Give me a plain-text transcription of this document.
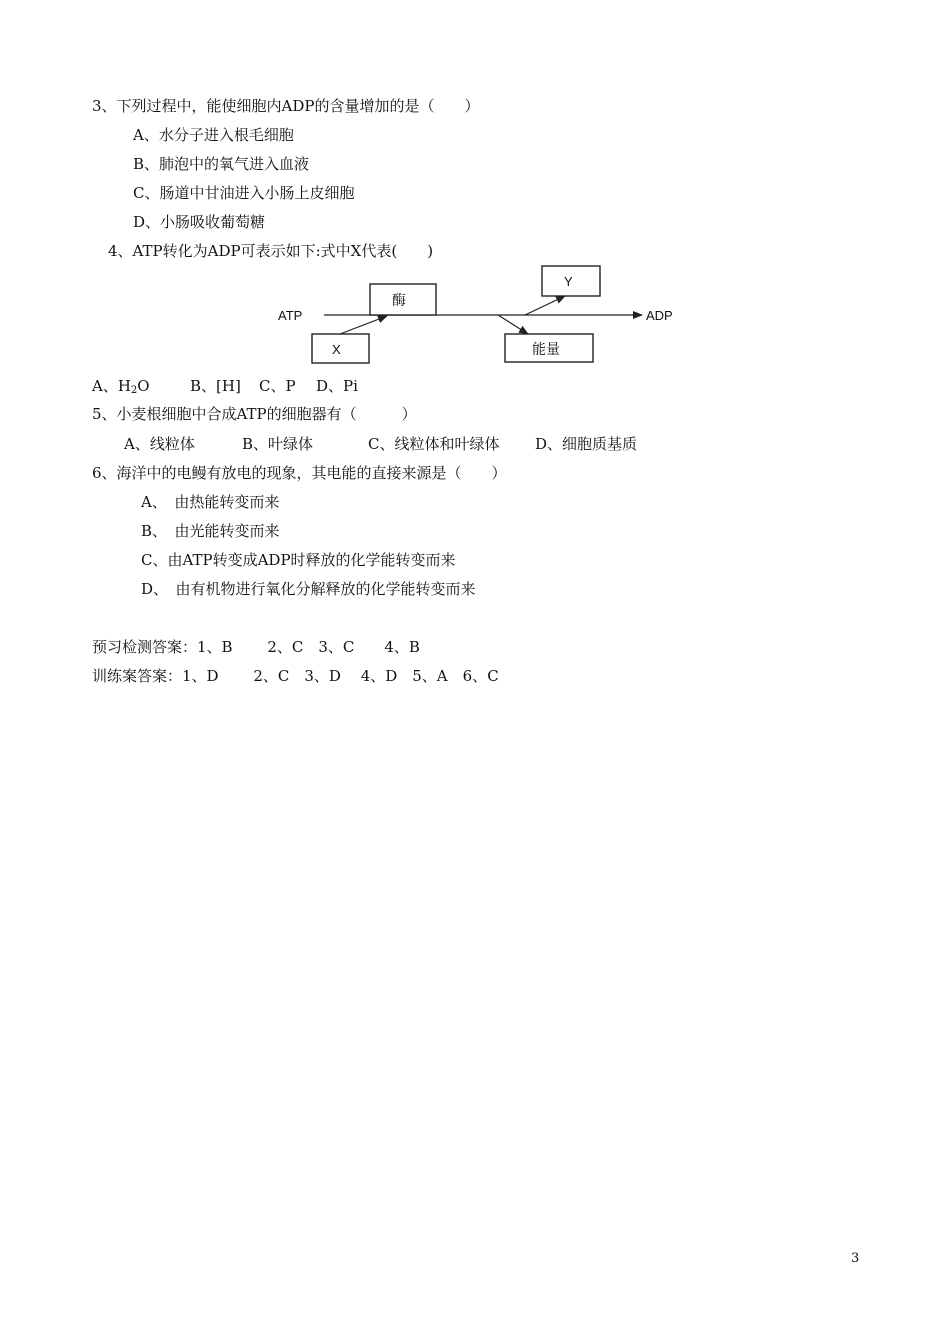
3、下列过程中，能使细胞内ADP的含量增加的是（　　）
A、水分子进入根毛细胞
B、肺泡中的氧气进入血液
C、肠道中甘油进入小肠上皮细胞
D、小肠吸收葡萄糖
4、ATP转化为ADP可表示如下:式中X代表(　　)
ATP	ADP
酶
X
Y
能量
A、$H_2O$	B、[H] C、P D、Pi
5、小麦根细胞中合成ATP的细胞器有（　　　）
A、线粒体	B、叶绿体	C、线粒体和叶绿体 D、细胞质基质
6、海洋中的电鳗有放电的现象，其电能的直接来源是（　　）
A、　由热能转变而来
B、　由光能转变而来
C、由ATP转变成ADP时释放的化学能转变而来
D、　由有机物进行氧化分解释放的化学能转变而来
预习检测答案：1、B　　 2、C　3、C　　4、B
训练案答案：1、D　　 2、C　3、D　 4、D　5、A　6、C
3
